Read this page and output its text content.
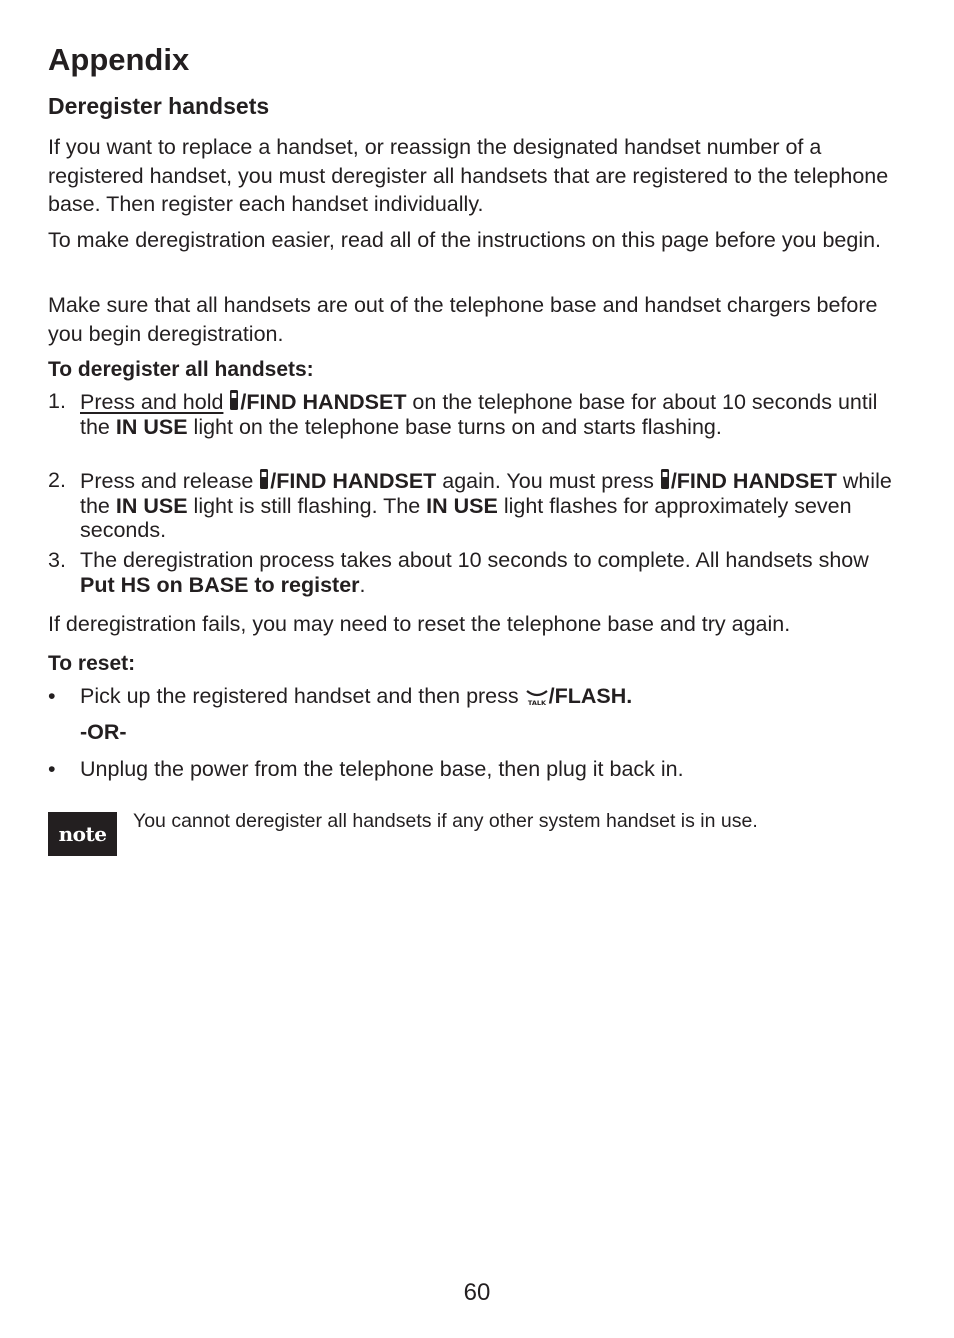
Appendix
Deregister handsets

If you want to replace a handset, or reassign the designated handset number of a registered handset, you must deregister all handsets that are registered to the telephone base. Then register each handset individually.

To make deregistration easier, read all of the instructions on this page before you begin.

Make sure that all handsets are out of the telephone base and handset chargers before you begin deregistration.

To deregister all handsets:
1. Press and hold /FIND HANDSET on the telephone base for about 10 seconds until the IN USE light on the telephone base turns on and starts flashing.
2. Press and release /FIND HANDSET again. You must press /FIND HANDSET while the IN USE light is still flashing. The IN USE light flashes for approximately seven seconds.
3. The deregistration process takes about 10 seconds to complete. All handsets show Put HS on BASE to register.

If deregistration fails, you may need to reset the telephone base and try again.

To reset:
• Pick up the registered handset and then press TALK /FLASH.
-OR-
• Unplug the power from the telephone base, then plug it back in.
note
You cannot deregister all handsets if any other system handset is in use.
60
